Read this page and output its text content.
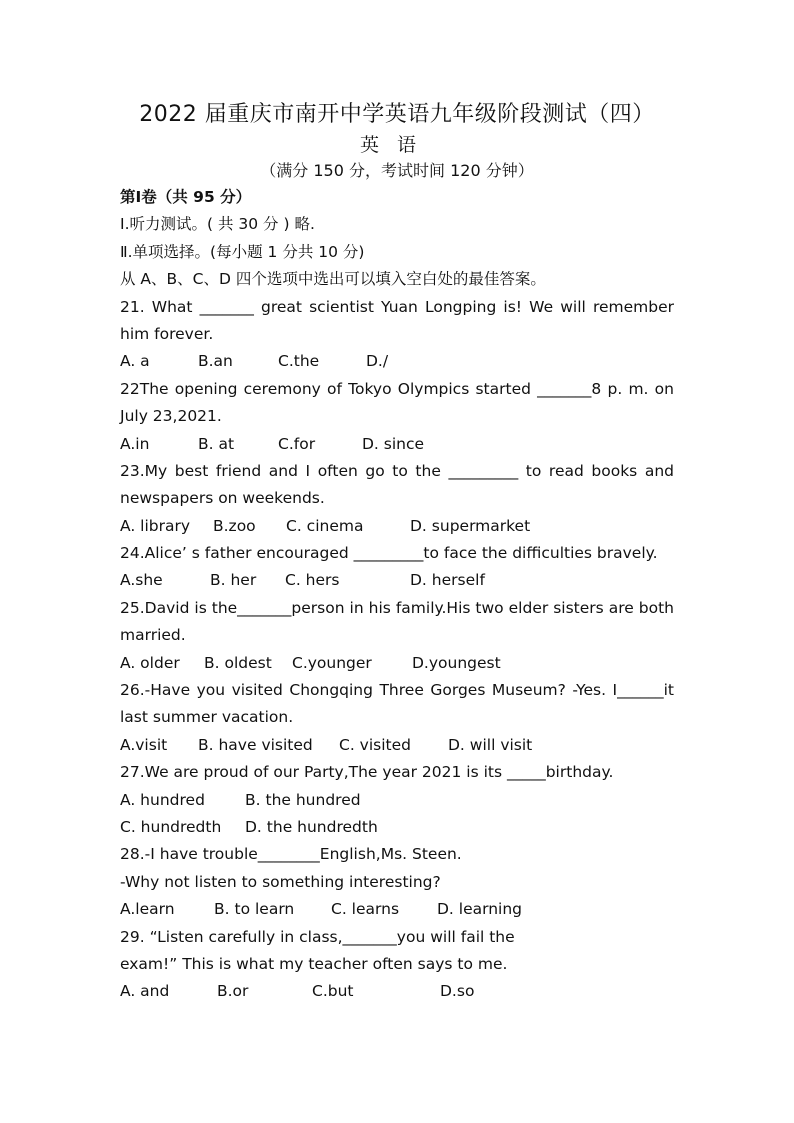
2022 届重庆市南开中学英语九年级阶段测试（四）
英语
（满分 150 分，考试时间 120 分钟）
第Ⅰ卷（共 95 分）
Ⅰ.听力测试。( 共 30 分 ) 略.
Ⅱ.单项选择。(每小题 1 分共 10 分)
从 A、B、C、D 四个选项中选出可以填入空白处的最佳答案。
21. What _______ great scientist Yuan Longping is! We will remember
him forever.
A. a	B.an	C.the	D./
22The opening ceremony of Tokyo Olympics started _______8 p. m. on
July 23,2021.
A.in	B. at	C.for	D. since
23.My best friend and I often go to the _________ to read books and
newspapers on weekends.
A. library	B.zoo	C. cinema	D. supermarket
24.Alice’ s father encouraged _________to face the difficulties bravely.
A.she	B. her	C. hers	D. herself
25.David is the_______person in his family.His two elder sisters are both
married.
A. older	B. oldest	C.younger	D.youngest
26.-Have you visited Chongqing Three Gorges Museum? -Yes. I______it
last summer vacation.
A.visit	B. have visited	C. visited	D. will visit
27.We are proud of our Party,The year 2021 is its _____birthday.
A. hundred	B. the hundred
C. hundredth	D. the hundredth
28.-I have trouble________English,Ms. Steen.
-Why not listen to something interesting?
A.learn	B. to learn	C. learns	D. learning
29. “Listen carefully in class,_______you will fail the
exam!” This is what my teacher often says to me.
A. and	B.or	C.but	D.so
